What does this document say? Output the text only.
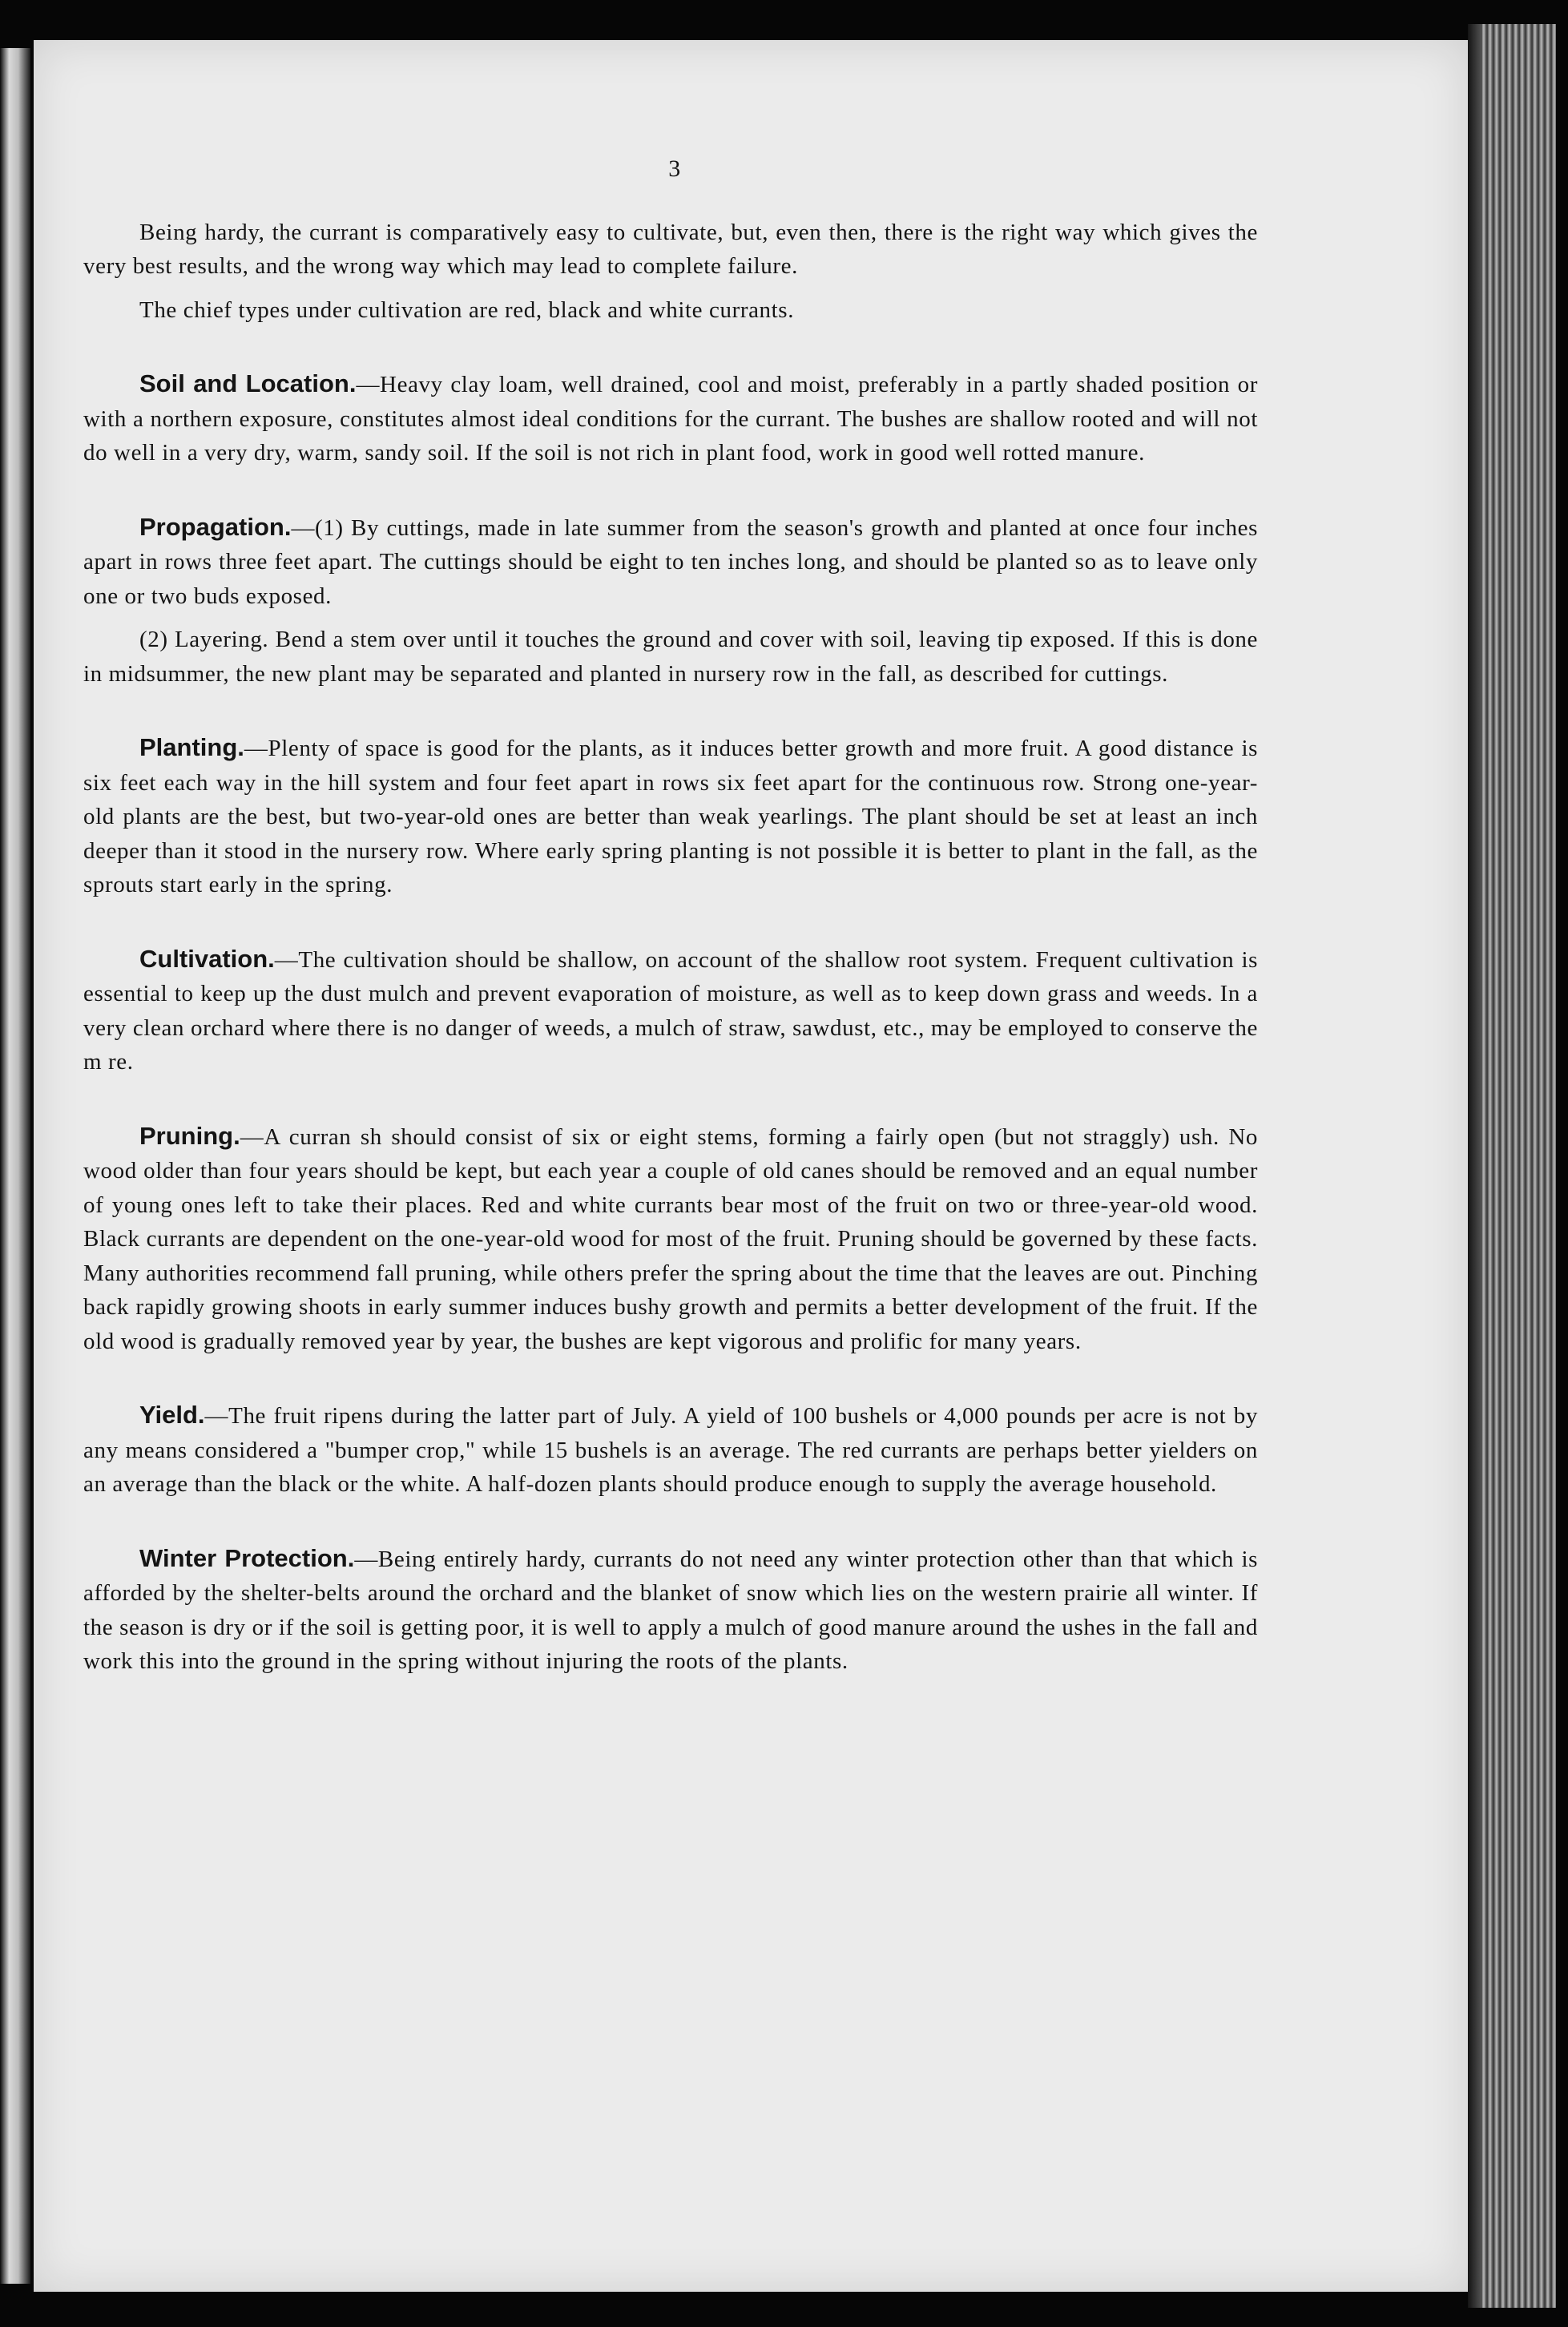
3

Being hardy, the currant is comparatively easy to cultivate, but, even then, there is the right way which gives the very best results, and the wrong way which may lead to complete failure.

The chief types under cultivation are red, black and white currants.

Soil and Location.—Heavy clay loam, well drained, cool and moist, preferably in a partly shaded position or with a northern exposure, constitutes almost ideal conditions for the currant. The bushes are shallow rooted and will not do well in a very dry, warm, sandy soil. If the soil is not rich in plant food, work in good well rotted manure.

Propagation.—(1) By cuttings, made in late summer from the season's growth and planted at once four inches apart in rows three feet apart. The cuttings should be eight to ten inches long, and should be planted so as to leave only one or two buds exposed.

(2) Layering. Bend a stem over until it touches the ground and cover with soil, leaving tip exposed. If this is done in midsummer, the new plant may be separated and planted in nursery row in the fall, as described for cuttings.

Planting.—Plenty of space is good for the plants, as it induces better growth and more fruit. A good distance is six feet each way in the hill system and four feet apart in rows six feet apart for the continuous row. Strong one-year-old plants are the best, but two-year-old ones are better than weak yearlings. The plant should be set at least an inch deeper than it stood in the nursery row. Where early spring planting is not possible it is better to plant in the fall, as the sprouts start early in the spring.

Cultivation.—The cultivation should be shallow, on account of the shallow root system. Frequent cultivation is essential to keep up the dust mulch and prevent evaporation of moisture, as well as to keep down grass and weeds. In a very clean orchard where there is no danger of weeds, a mulch of straw, sawdust, etc., may be employed to conserve the m re.

Pruning.—A curran sh should consist of six or eight stems, forming a fairly open (but not straggly) ush. No wood older than four years should be kept, but each year a couple of old canes should be removed and an equal number of young ones left to take their places. Red and white currants bear most of the fruit on two or three-year-old wood. Black currants are dependent on the one-year-old wood for most of the fruit. Pruning should be governed by these facts. Many authorities recommend fall pruning, while others prefer the spring about the time that the leaves are out. Pinching back rapidly growing shoots in early summer induces bushy growth and permits a better development of the fruit. If the old wood is gradually removed year by year, the bushes are kept vigorous and prolific for many years.

Yield.—The fruit ripens during the latter part of July. A yield of 100 bushels or 4,000 pounds per acre is not by any means considered a "bumper crop," while 15 bushels is an average. The red currants are perhaps better yielders on an average than the black or the white. A half-dozen plants should produce enough to supply the average household.

Winter Protection.—Being entirely hardy, currants do not need any winter protection other than that which is afforded by the shelter-belts around the orchard and the blanket of snow which lies on the western prairie all winter. If the season is dry or if the soil is getting poor, it is well to apply a mulch of good manure around the ushes in the fall and work this into the ground in the spring without injuring the roots of the plants.
